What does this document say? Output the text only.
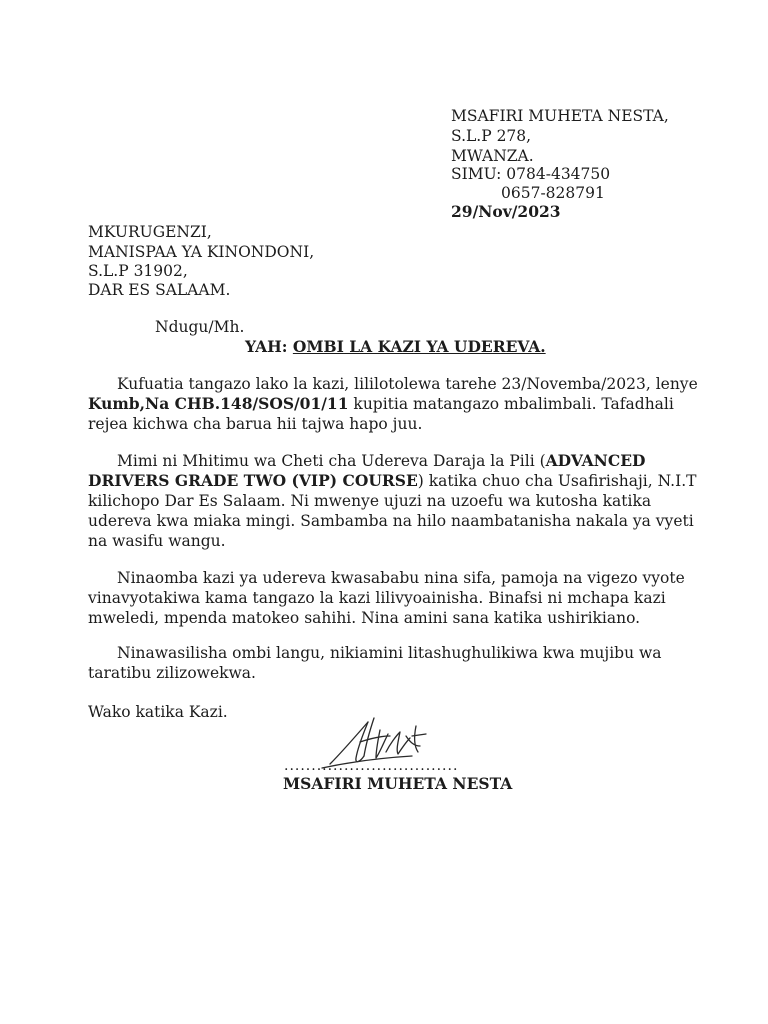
MSAFIRI MUHETA NESTA,
S.L.P 278,
MWANZA.
SIMU: 0784-434750
0657-828791
29/Nov/2023
MKURUGENZI,
MANISPAA YA KINONDONI,
S.L.P 31902,
DAR ES SALAAM.
Ndugu/Mh.
YAH: OMBI LA KAZI YA UDEREVA.
Kufuatia tangazo lako la kazi, lililotolewa tarehe 23/Novemba/2023, lenye
Kumb,Na CHB.148/SOS/01/11 kupitia matangazo mbalimbali. Tafadhali
rejea kichwa cha barua hii tajwa hapo juu.
Mimi ni Mhitimu wa Cheti cha Udereva Daraja la Pili (ADVANCED
DRIVERS GRADE TWO (VIP) COURSE) katika chuo cha Usafirishaji, N.I.T
kilichopo Dar Es Salaam. Ni mwenye ujuzi na uzoefu wa kutosha katika
udereva kwa miaka mingi. Sambamba na hilo naambatanisha nakala ya vyeti
na wasifu wangu.
Ninaomba kazi ya udereva kwasababu nina sifa, pamoja na vigezo vyote
vinavyotakiwa kama tangazo la kazi lilivyoainisha. Binafsi ni mchapa kazi
mweledi, mpenda matokeo sahihi. Nina amini sana katika ushirikiano.
Ninawasilisha ombi langu, nikiamini litashughulikiwa kwa mujibu wa
taratibu zilizowekwa.
Wako katika Kazi.
................................
MSAFIRI MUHETA NESTA
